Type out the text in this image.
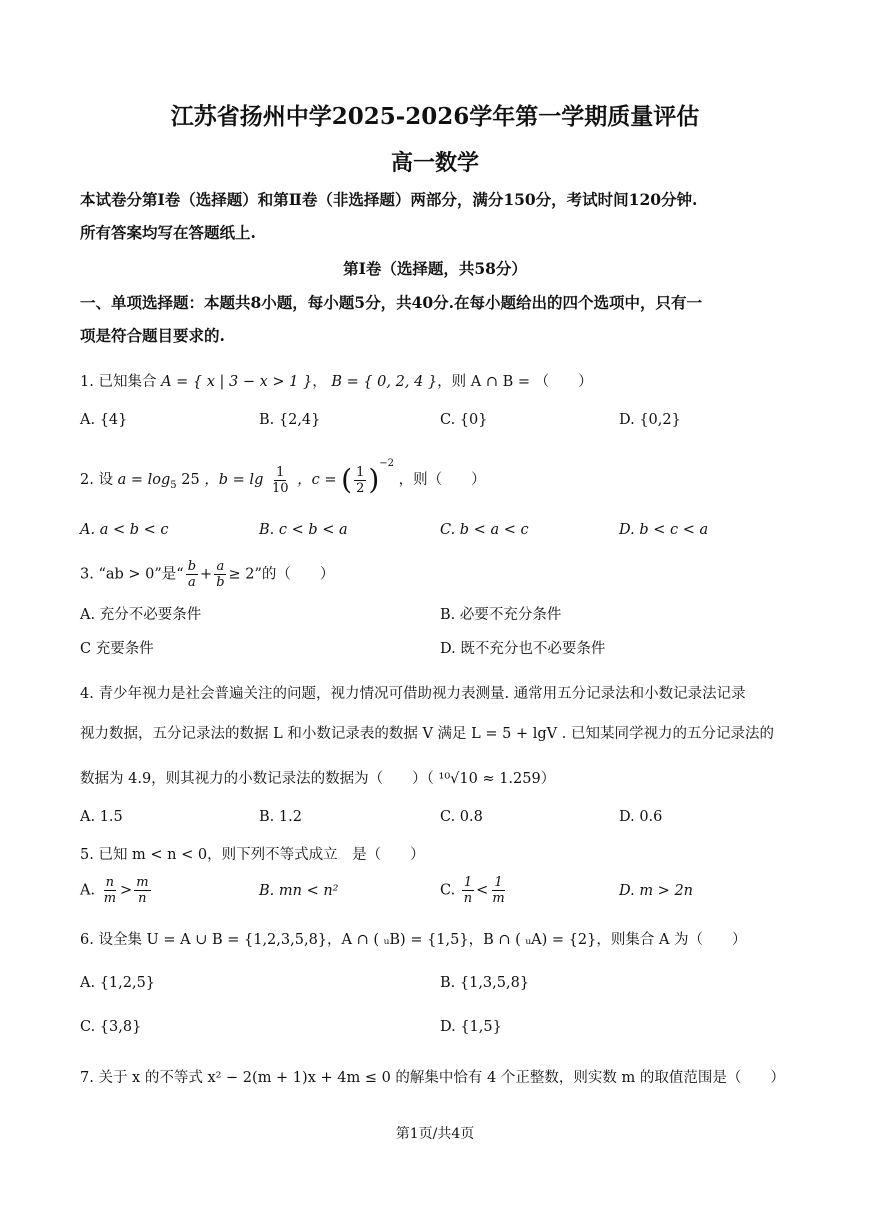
江苏省扬州中学2025-2026学年第一学期质量评估
高一数学
本试卷分第Ⅰ卷（选择题）和第Ⅱ卷（非选择题）两部分，满分150分，考试时间120分钟.
所有答案均写在答题纸上.
第Ⅰ卷（选择题，共58分）
一、单项选择题：本题共8小题，每小题5分，共40分.在每小题给出的四个选项中，只有一
项是符合题目要求的.
1. 已知集合 A = { x | 3 − x > 1 }， B = { 0, 2, 4 }，则 A ∩ B = （　　）
A. {4}	B. {2,4}	C. {0}	D. {0,2}
2. 设 $a = \log_5 25$ ，$b = \lg \frac{1}{10}$ ，c = ( $\frac{1}{2} )^{-2}$ ，则（　　）
A. a < b < c	B. c < b < a	C. b < a < c	D. b < c < a
3. “ab > 0”是“ $\frac{b}{a} + \frac{a}{b} \ge 2$”的（　　）
A. 充分不必要条件	B. 必要不充分条件
C 充要条件	D. 既不充分也不必要条件
4. 青少年视力是社会普遍关注的问题，视力情况可借助视力表测量. 通常用五分记录法和小数记录法记录
视力数据，五分记录法的数据 L 和小数记录表的数据 V 满足 L = 5 + lgV . 已知某同学视力的五分记录法的
数据为 4.9，则其视力的小数记录法的数据为（　　）（ ¹⁰√10 ≈ 1.259）
A. 1.5	B. 1.2	C. 0.8	D. 0.6
5. 已知 m < n < 0，则下列不等式成立　是（　　）
A. $\frac{n}{m} > \frac{m}{n}$	B. mn < n²	C. $\frac{1}{n} < \frac{1}{m}$	D. m > 2n
6. 设全集 U = A ∪ B = {1,2,3,5,8}，A ∩ ( ᵤB) = {1,5}，B ∩ ( ᵤA) = {2}，则集合 A 为（　　）
A. {1,2,5}	B. {1,3,5,8}
C. {3,8}	D. {1,5}
7. 关于 x 的不等式 x² − 2(m + 1)x + 4m ≤ 0 的解集中恰有 4 个正整数，则实数 m 的取值范围是（　　）
第1页/共4页
